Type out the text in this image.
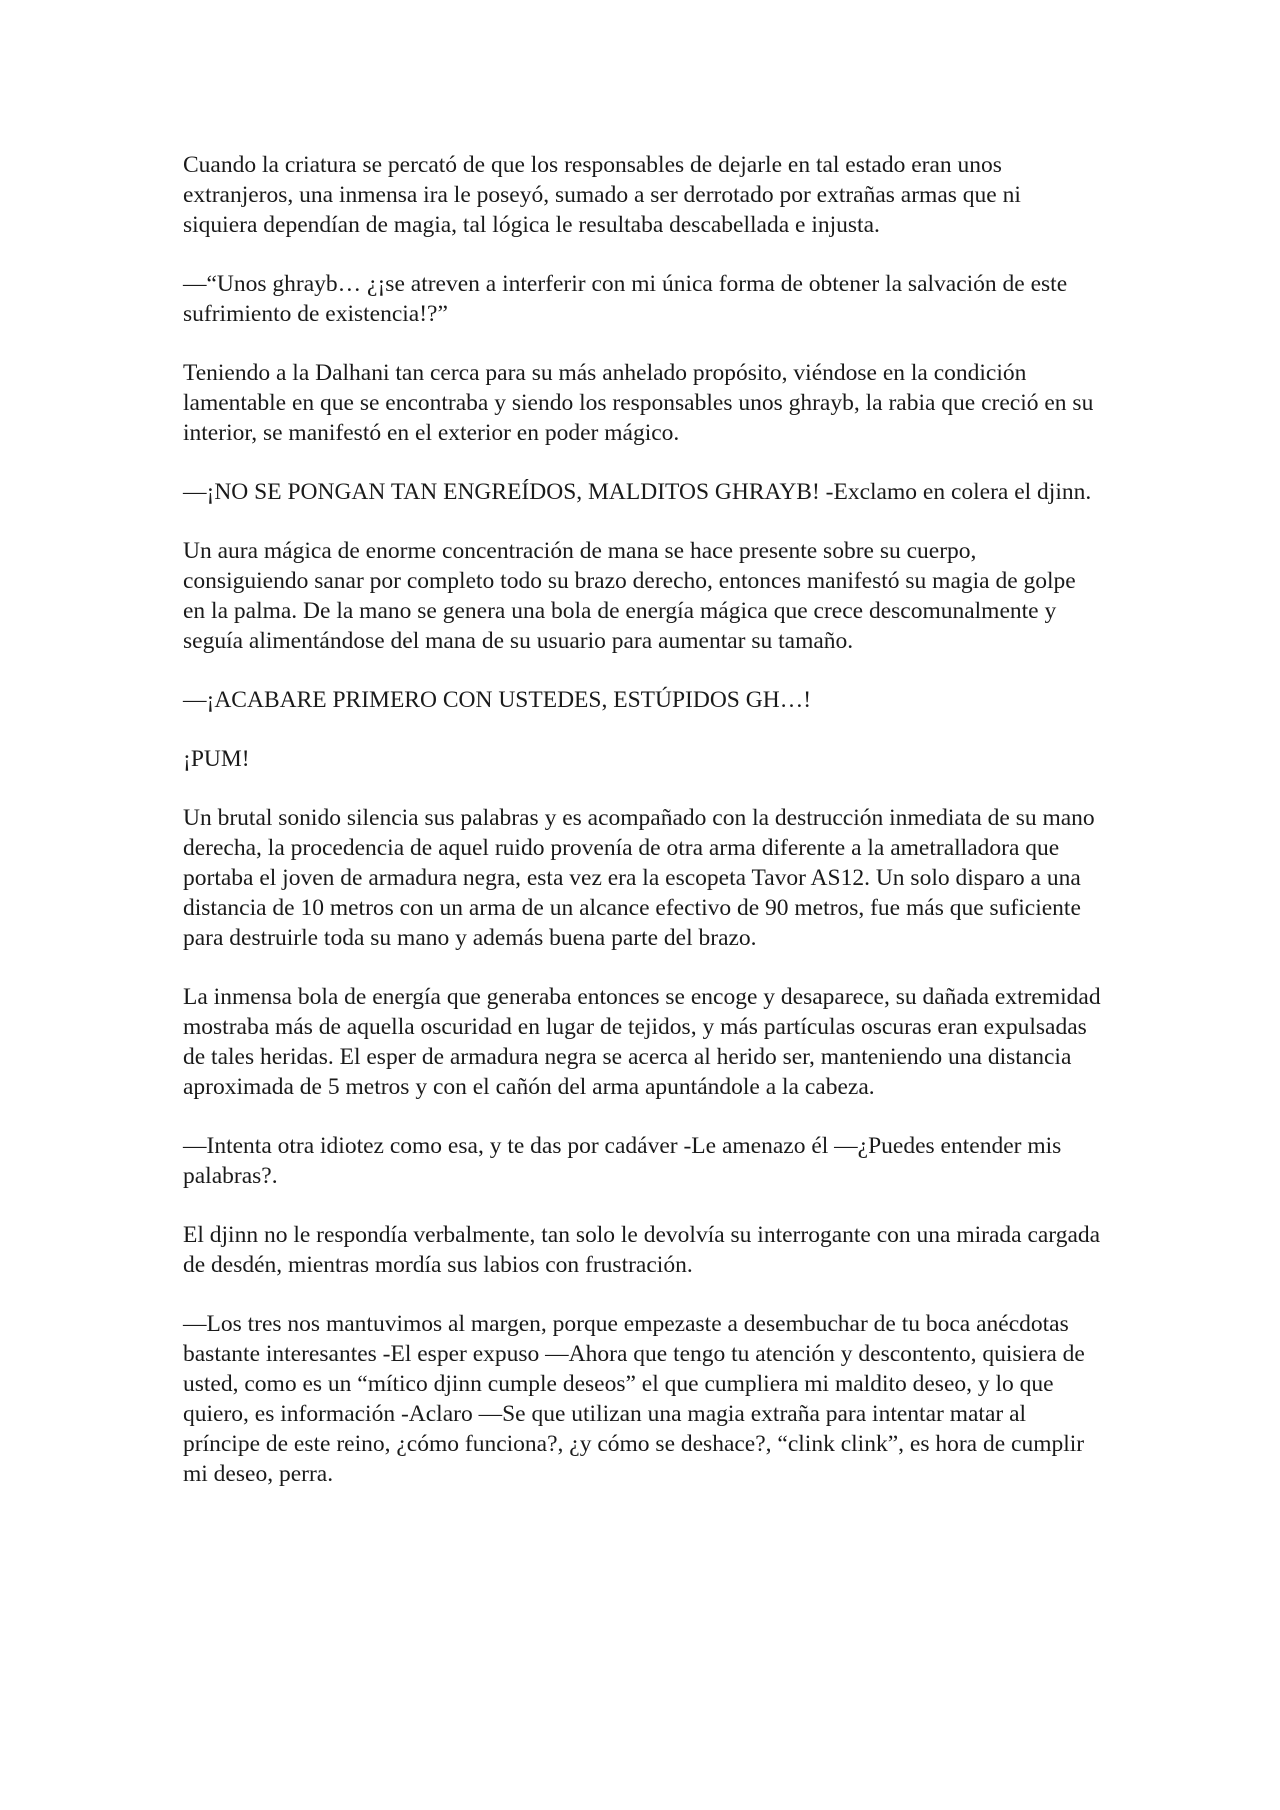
Cuando la criatura se percató de que los responsables de dejarle en tal estado eran unos extranjeros, una inmensa ira le poseyó, sumado a ser derrotado por extrañas armas que ni siquiera dependían de magia, tal lógica le resultaba descabellada e injusta.

—“Unos ghrayb… ¿¡se atreven a interferir con mi única forma de obtener la salvación de este sufrimiento de existencia!?”

Teniendo a la Dalhani tan cerca para su más anhelado propósito, viéndose en la condición lamentable en que se encontraba y siendo los responsables unos ghrayb, la rabia que creció en su interior, se manifestó en el exterior en poder mágico.

—¡NO SE PONGAN TAN ENGREÍDOS, MALDITOS GHRAYB! -Exclamo en colera el djinn.

Un aura mágica de enorme concentración de mana se hace presente sobre su cuerpo, consiguiendo sanar por completo todo su brazo derecho, entonces manifestó su magia de golpe en la palma. De la mano se genera una bola de energía mágica que crece descomunalmente y seguía alimentándose del mana de su usuario para aumentar su tamaño.

—¡ACABARE PRIMERO CON USTEDES, ESTÚPIDOS GH…!

¡PUM!

Un brutal sonido silencia sus palabras y es acompañado con la destrucción inmediata de su mano derecha, la procedencia de aquel ruido provenía de otra arma diferente a la ametralladora que portaba el joven de armadura negra, esta vez era la escopeta Tavor AS12. Un solo disparo a una distancia de 10 metros con un arma de un alcance efectivo de 90 metros, fue más que suficiente para destruirle toda su mano y además buena parte del brazo.

La inmensa bola de energía que generaba entonces se encoge y desaparece, su dañada extremidad mostraba más de aquella oscuridad en lugar de tejidos, y más partículas oscuras eran expulsadas de tales heridas. El esper de armadura negra se acerca al herido ser, manteniendo una distancia aproximada de 5 metros y con el cañón del arma apuntándole a la cabeza.

—Intenta otra idiotez como esa, y te das por cadáver -Le amenazo él —¿Puedes entender mis palabras?.

El djinn no le respondía verbalmente, tan solo le devolvía su interrogante con una mirada cargada de desdén, mientras mordía sus labios con frustración.

—Los tres nos mantuvimos al margen, porque empezaste a desembuchar de tu boca anécdotas bastante interesantes -El esper expuso —Ahora que tengo tu atención y descontento, quisiera de usted, como es un “mítico djinn cumple deseos” el que cumpliera mi maldito deseo, y lo que quiero, es información -Aclaro —Se que utilizan una magia extraña para intentar matar al príncipe de este reino, ¿cómo funciona?, ¿y cómo se deshace?, “clink clink”, es hora de cumplir mi deseo, perra.
